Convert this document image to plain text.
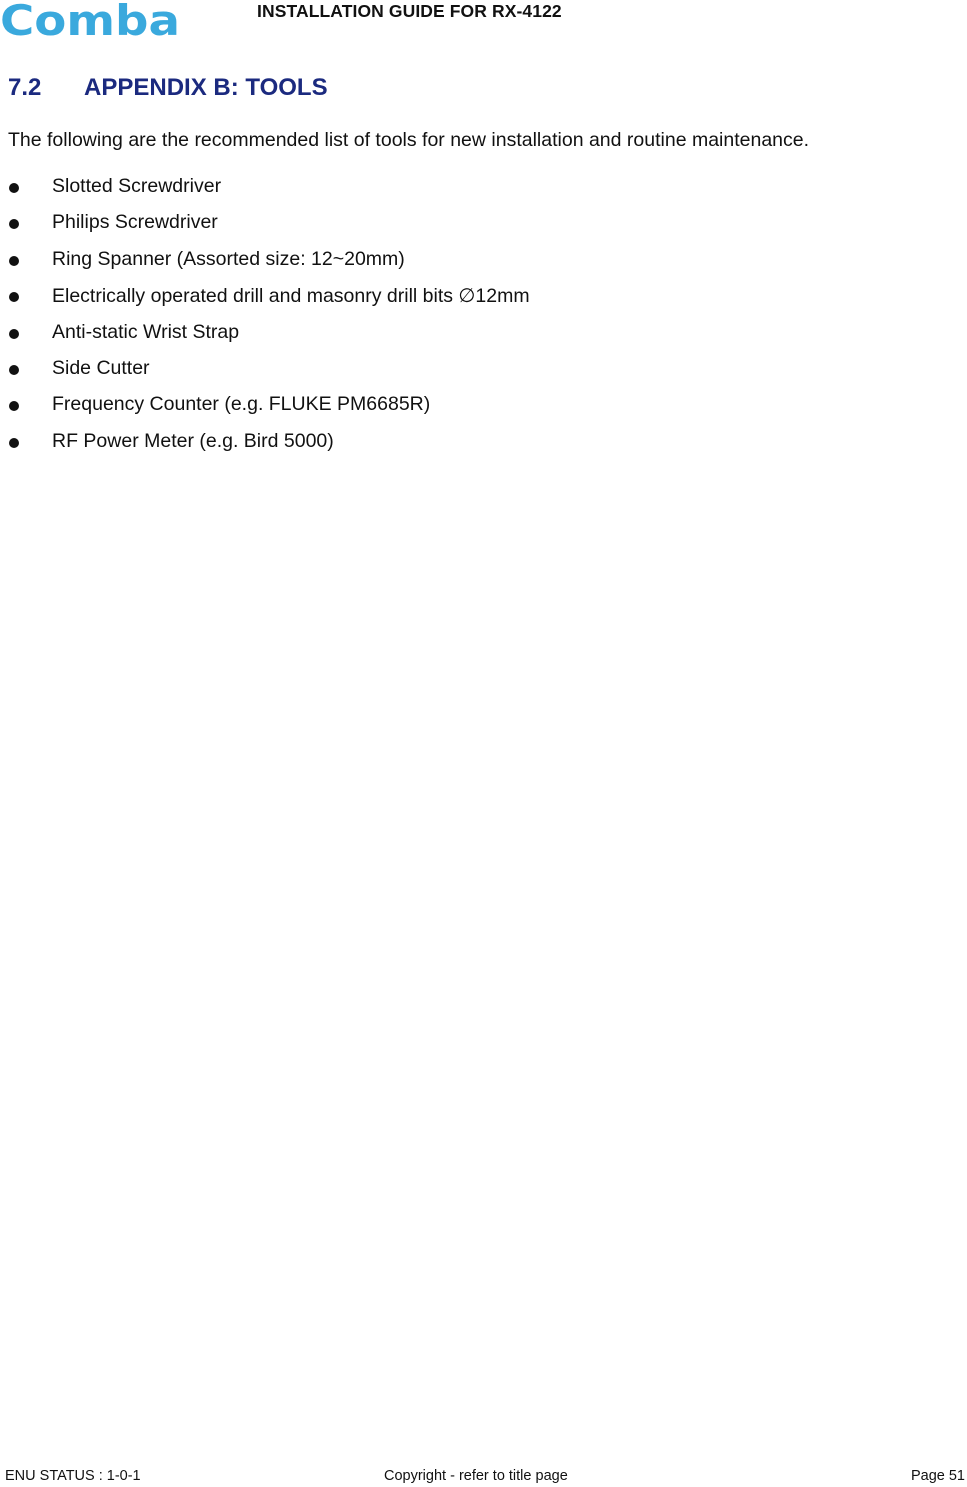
Comba	INSTALLATION GUIDE FOR RX-4122
7.2 APPENDIX B: TOOLS
The following are the recommended list of tools for new installation and routine maintenance.
Slotted Screwdriver
Philips Screwdriver
Ring Spanner (Assorted size: 12~20mm)
Electrically operated drill and masonry drill bits ∅12mm
Anti-static Wrist Strap
Side Cutter
Frequency Counter (e.g. FLUKE PM6685R)
RF Power Meter (e.g. Bird 5000)
ENU STATUS : 1-0-1	Copyright - refer to title page	Page 51
